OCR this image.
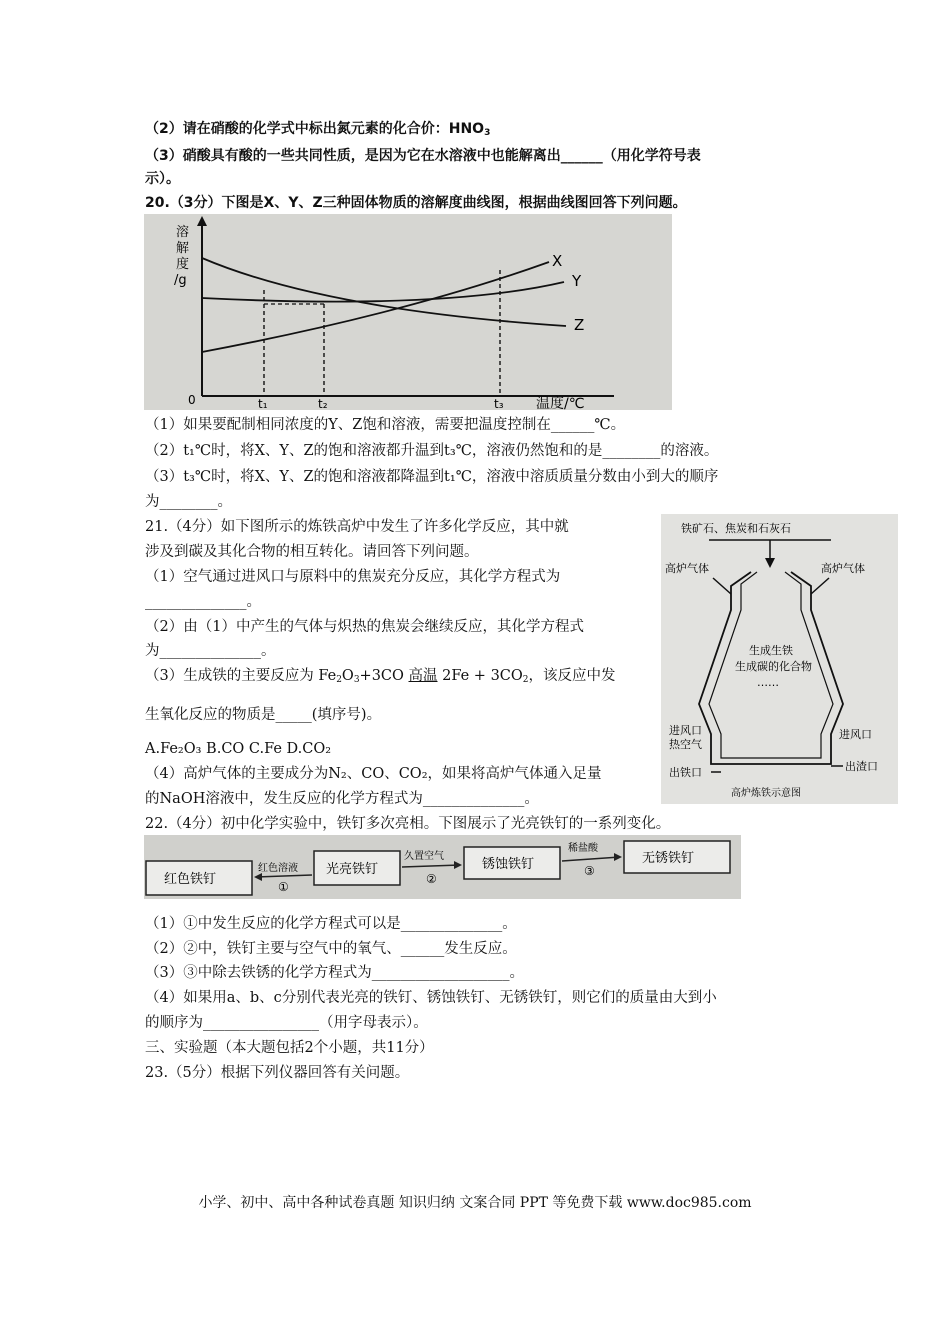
（2）请在硝酸的化学式中标出氮元素的化合价：$HNO_3$
（3）硝酸具有酸的一些共同性质，是因为它在水溶液中也能解离出______（用化学符号表
示）。
20.（3分）下图是X、Y、Z三种固体物质的溶解度曲线图，根据曲线图回答下列问题。
溶
解
度
/g
X
Y
Z
0	t₁	t₂	t₃ 温度/℃
（1）如果要配制相同浓度的Y、Z饱和溶液，需要把温度控制在______℃。
（2）t₁℃时，将X、Y、Z的饱和溶液都升温到t₃℃，溶液仍然饱和的是________的溶液。
（3）t₃℃时，将X、Y、Z的饱和溶液都降温到t₁℃，溶液中溶质质量分数由小到大的顺序
为________。
21.（4分）如下图所示的炼铁高炉中发生了许多化学反应，其中就
涉及到碳及其化合物的相互转化。请回答下列问题。
（1）空气通过进风口与原料中的焦炭充分反应，其化学方程式为
______________。
（2）由（1）中产生的气体与炽热的焦炭会继续反应，其化学方程式
为______________。
（3）生成铁的主要反应为 $Fe_2O_3+3CO$ 高温 $2Fe + 3CO_2$，该反应中发
生氧化反应的物质是_____(填序号)。
A.Fe₂O₃ B.CO C.Fe D.CO₂
（4）高炉气体的主要成分为N₂、CO、CO₂，如果将高炉气体通入足量
的NaOH溶液中，发生反应的化学方程式为______________。
铁矿石、焦炭和石灰石
高炉气体	高炉气体
生成生铁
生成碳的化合物
……
进风口
热空气
进风口
出铁口	出渣口
高炉炼铁示意图
22.（4分）初中化学实验中，铁钉多次亮相。下图展示了光亮铁钉的一系列变化。
红色铁钉
光亮铁钉	锈蚀铁钉	无锈铁钉
红色溶液
①
久置空气
②
稀盐酸
③
（1）①中发生反应的化学方程式可以是______________。
（2）②中，铁钉主要与空气中的氧气、______发生反应。
（3）③中除去铁锈的化学方程式为___________________。
（4）如果用a、b、c分别代表光亮的铁钉、锈蚀铁钉、无锈铁钉，则它们的质量由大到小
的顺序为________________（用字母表示）。
三、实验题（本大题包括2个小题，共11分）
23.（5分）根据下列仪器回答有关问题。
小学、初中、高中各种试卷真题 知识归纳 文案合同 PPT 等免费下载 www.doc985.com
